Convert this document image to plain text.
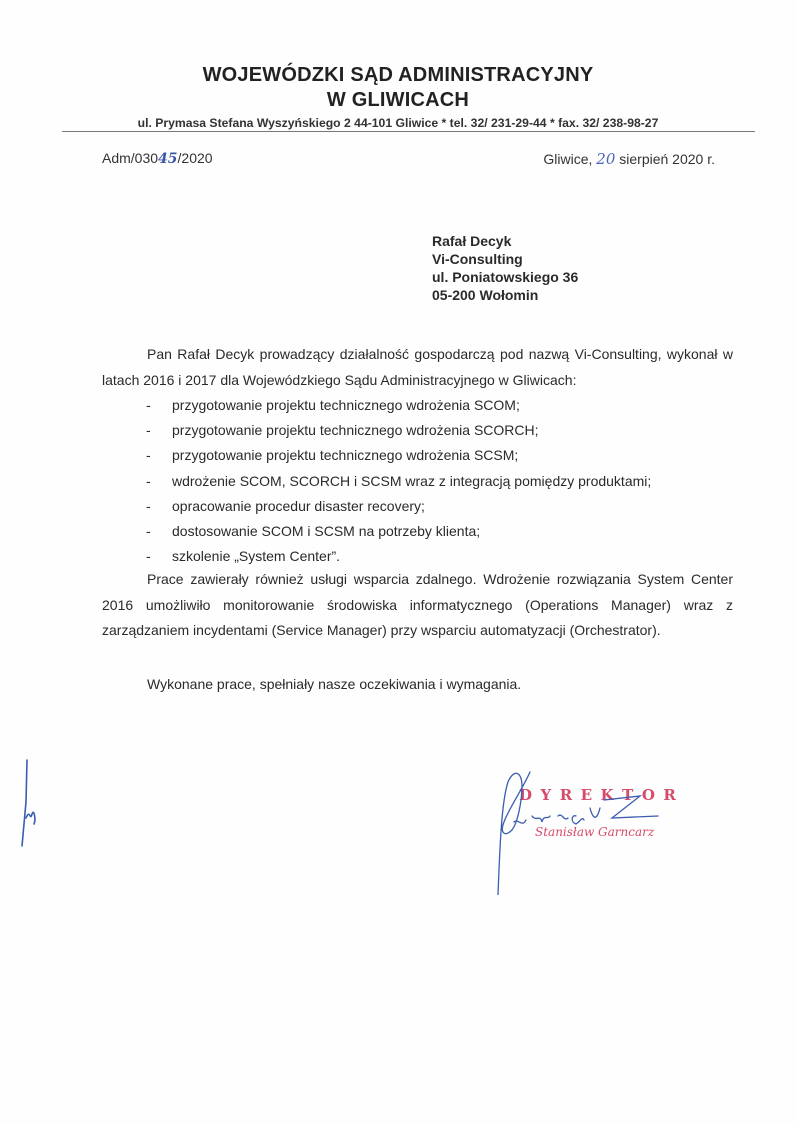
WOJEWÓDZKI SĄD ADMINISTRACYJNY
W GLIWICACH
ul. Prymasa Stefana Wyszyńskiego 2 44-101 Gliwice * tel. 32/ 231-29-44 * fax. 32/ 238-98-27
Adm/03045/2020	Gliwice, 20 sierpień 2020 r.
Rafał Decyk
Vi-Consulting
ul. Poniatowskiego 36
05-200 Wołomin

Pan Rafał Decyk prowadzący działalność gospodarczą pod nazwą Vi-Consulting, wykonał w latach 2016 i 2017 dla Wojewódzkiego Sądu Administracyjnego w Gliwicach:

-	przygotowanie projektu technicznego wdrożenia SCOM;
-	przygotowanie projektu technicznego wdrożenia SCORCH;
-	przygotowanie projektu technicznego wdrożenia SCSM;
-	wdrożenie SCOM, SCORCH i SCSM wraz z integracją pomiędzy produktami;
-	opracowanie procedur disaster recovery;
-	dostosowanie SCOM i SCSM na potrzeby klienta;
-	szkolenie „System Center”.

Prace zawierały również usługi wsparcia zdalnego. Wdrożenie rozwiązania System Center 2016 umożliwiło monitorowanie środowiska informatycznego (Operations Manager) wraz z zarządzaniem incydentami (Service Manager) przy wsparciu automatyzacji (Orchestrator).

Wykonane prace, spełniały nasze oczekiwania i wymagania.

DYREKTOR
Stanisław Garncarz
